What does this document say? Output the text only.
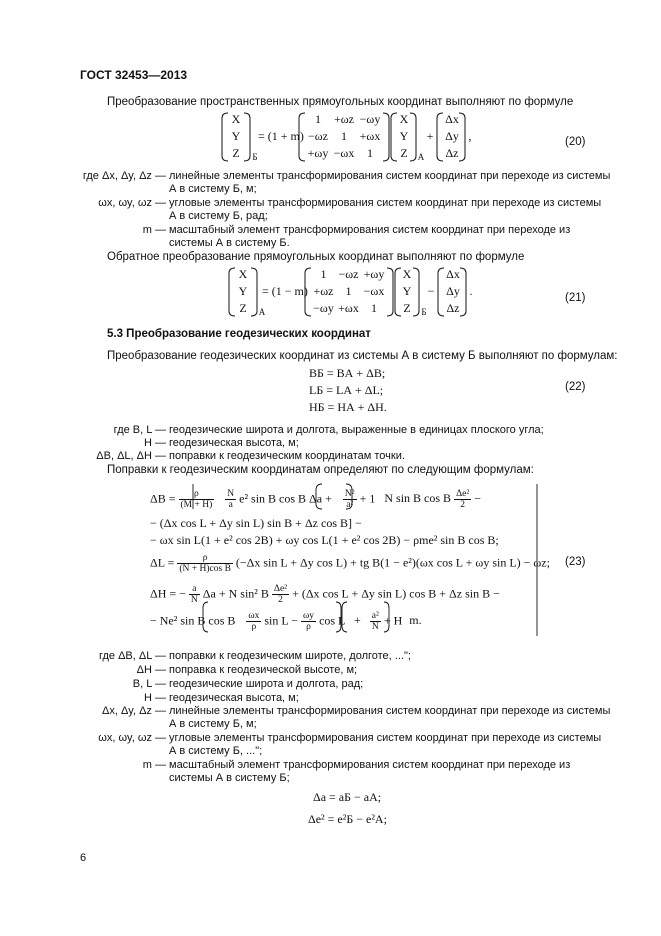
ГОСТ 32453—2013
Преобразование пространственных прямоугольных координат выполняют по формуле
X
Y
Z	Б
= (1 + m)
1	+ωz −ωy
−ωz	1	+ωx
+ωy −ωx	1
X
Y
Z	А
+
Δx
Δy
Δz
,	(20)
где Δx, Δy, Δz — линейные элементы трансформирования систем координат при переходе из системы А в систему Б, м;
ωx, ωy, ωz — угловые элементы трансформирования систем координат при переходе из системы А в систему Б, рад;
m — масштабный элемент трансформирования систем координат при переходе из системы А в систему Б.
Обратное преобразование прямоугольных координат выполняют по формуле
X
Y
Z	А
= (1 − m)
1	−ωz +ωy
+ωz	1	−ωx
−ωy +ωx	1
X
Y
Z	Б
−
Δx
Δy
Δz
.	(21)
5.3 Преобразование геодезических координат
Преобразование геодезических координат из системы А в систему Б выполняют по формулам:
BБ = BА + ΔB;
LБ = LА + ΔL;
HБ = HА + ΔH.
(22)
где B, L — геодезические широта и долгота, выраженные в единицах плоского угла;
H — геодезическая высота, м;
ΔB, ΔL, ΔH — поправки к геодезическим координатам точки.
Поправки к геодезическим координатам определяют по следующим формулам:
$\Delta B = \frac{\rho}{(M + H)}$
$\frac{N}{a} e^2$ sin B cos B $\Delta a + \frac{\text{N²}}{\text{a²}} + 1$ N sin B cos B $\frac{\text{Δe²}}{2}$ −
− (Δx cos L + Δy sin L) sin B + Δz cos B] −
− ωx sin L(1 + e² cos 2B) + ωy cos L(1 + e² cos 2B) − ρme² sin B cos B;
$\Delta L = \frac{\rho}{\text{(N + H)cos B}} (-\Delta x$ sin L + Δy cos L) + tg B(1 − e²)(ωx cos L + ωy sin L) − ωz;
ΔH = − $\frac{a}{N}$ Δa + N sin² B $\frac{\text{Δe²}}{2} + (\Delta x$ cos L + Δy sin L) cos B + Δz sin B −
− Ne² sin B cos B $\frac{\omega x}{\rho}$ $\sin L - \frac{\omega y}{\rho}$ $\cos L + \frac{\text{a²}}{N} + H$ m.
(23)
где ΔB, ΔL — поправки к геодезическим широте, долготе, ...";
ΔH — поправка к геодезической высоте, м;
B, L — геодезические широта и долгота, рад;
H — геодезическая высота, м;
Δx, Δy, Δz — линейные элементы трансформирования систем координат при переходе из системы А в систему Б, м;
ωx, ωy, ωz — угловые элементы трансформирования систем координат при переходе из системы А в систему Б, ...";
m — масштабный элемент трансформирования систем координат при переходе из системы А в систему Б;
Δa = aБ − aА;
Δe² = e²Б − e²А;
6
